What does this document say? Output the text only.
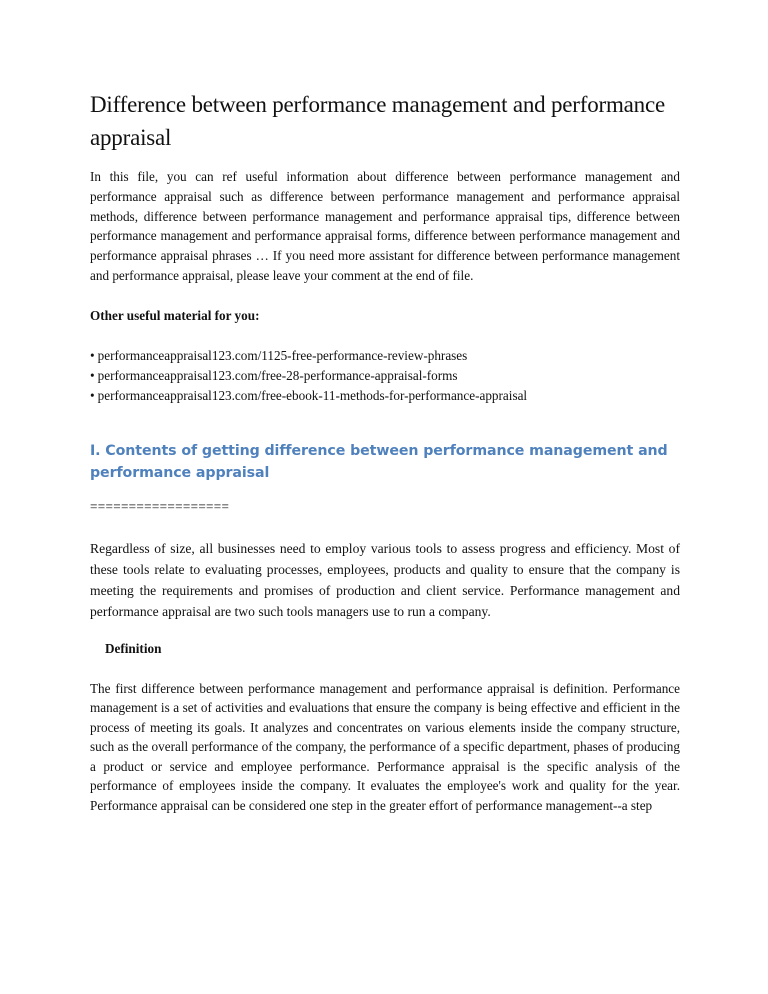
Difference between performance management and performance appraisal

In this file, you can ref useful information about difference between performance management and performance appraisal such as difference between performance management and performance appraisal methods, difference between performance management and performance appraisal tips, difference between performance management and performance appraisal forms, difference between performance management and performance appraisal phrases … If you need more assistant for difference between performance management and performance appraisal, please leave your comment at the end of file.

Other useful material for you:

• performanceappraisal123.com/1125-free-performance-review-phrases
• performanceappraisal123.com/free-28-performance-appraisal-forms
• performanceappraisal123.com/free-ebook-11-methods-for-performance-appraisal
I. Contents of getting difference between performance management and performance appraisal

==================

Regardless of size, all businesses need to employ various tools to assess progress and efficiency. Most of these tools relate to evaluating processes, employees, products and quality to ensure that the company is meeting the requirements and promises of production and client service. Performance management and performance appraisal are two such tools managers use to run a company.

Definition

The first difference between performance management and performance appraisal is definition. Performance management is a set of activities and evaluations that ensure the company is being effective and efficient in the process of meeting its goals. It analyzes and concentrates on various elements inside the company structure, such as the overall performance of the company, the performance of a specific department, phases of producing a product or service and employee performance. Performance appraisal is the specific analysis of the performance of employees inside the company. It evaluates the employee's work and quality for the year. Performance appraisal can be considered one step in the greater effort of performance management--a step
